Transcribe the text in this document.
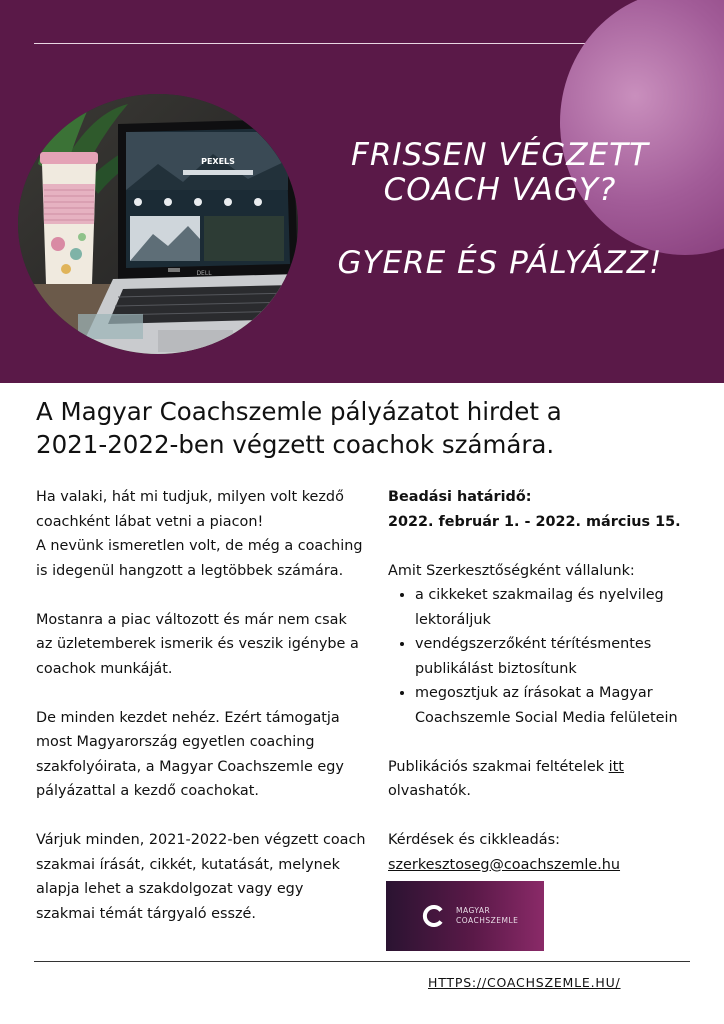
PEXELS
DELL
FRISSEN VÉGZETT
COACH VAGY?
GYERE ÉS PÁLYÁZZ!
A Magyar Coachszemle pályázatot hirdet a
2021-2022-ben végzett coachok számára.

Ha valaki, hát mi tudjuk, milyen volt kezdő coachként lábat vetni a piacon!
A nevünk ismeretlen volt, de még a coaching is idegenül hangzott a legtöbbek számára.

Mostanra a piac változott és már nem csak az üzletemberek ismerik és veszik igénybe a coachok munkáját.

De minden kezdet nehéz. Ezért támogatja most Magyarország egyetlen coaching szakfolyóirata, a Magyar Coachszemle egy pályázattal a kezdő coachokat.

Várjuk minden, 2021-2022-ben végzett coach szakmai írását, cikkét, kutatását, melynek alapja lehet a szakdolgozat vagy egy szakmai témát tárgyaló esszé.

Beadási határidő:

2022. február 1. - 2022. március 15.

Amit Szerkesztőségként vállalunk:

• a cikkeket szakmailag és nyelvileg lektoráljuk
• vendégszerzőként térítésmentes publikálást biztosítunk
• megosztjuk az írásokat a Magyar Coachszemle Social Media felületein

Publikációs szakmai feltételek itt

olvashatók.

Kérdések és cikkleadás:

szerkesztoseg@coachszemle.hu

MAGYAR
COACHSZEMLE
HTTPS://COACHSZEMLE.HU/
